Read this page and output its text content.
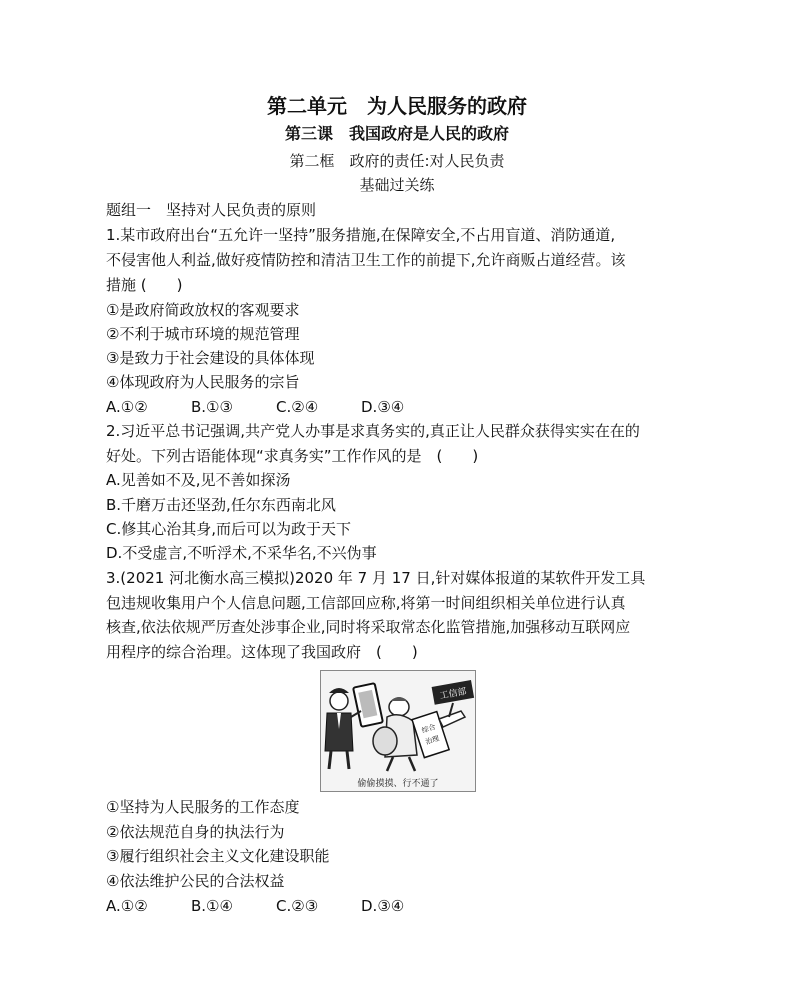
第二单元　为人民服务的政府
第三课　我国政府是人民的政府
第二框　政府的责任:对人民负责
基础过关练
题组一　坚持对人民负责的原则
1.某市政府出台“五允许一坚持”服务措施,在保障安全,不占用盲道、消防通道,
不侵害他人利益,做好疫情防控和清洁卫生工作的前提下,允许商贩占道经营。该
措施 (　　)
①是政府简政放权的客观要求
②不利于城市环境的规范管理
③是致力于社会建设的具体体现
④体现政府为人民服务的宗旨
A.①②	B.①③	C.②④	D.③④
2.习近平总书记强调,共产党人办事是求真务实的,真正让人民群众获得实实在在的
好处。下列古语能体现“求真务实”工作作风的是　(　　)
A.见善如不及,见不善如探汤
B.千磨万击还坚劲,任尔东西南北风
C.修其心治其身,而后可以为政于天下
D.不受虚言,不听浮术,不采华名,不兴伪事
3.(2021 河北衡水高三模拟)2020 年 7 月 17 日,针对媒体报道的某软件开发工具
包违规收集用户个人信息问题,工信部回应称,将第一时间组织相关单位进行认真
核查,依法依规严厉查处涉事企业,同时将采取常态化监管措施,加强移动互联网应
用程序的综合治理。这体现了我国政府　(　　)
综合
治理
工信部
偷偷摸摸、行不通了
①坚持为人民服务的工作态度
②依法规范自身的执法行为
③履行组织社会主义文化建设职能
④依法维护公民的合法权益
A.①②	B.①④	C.②③	D.③④
